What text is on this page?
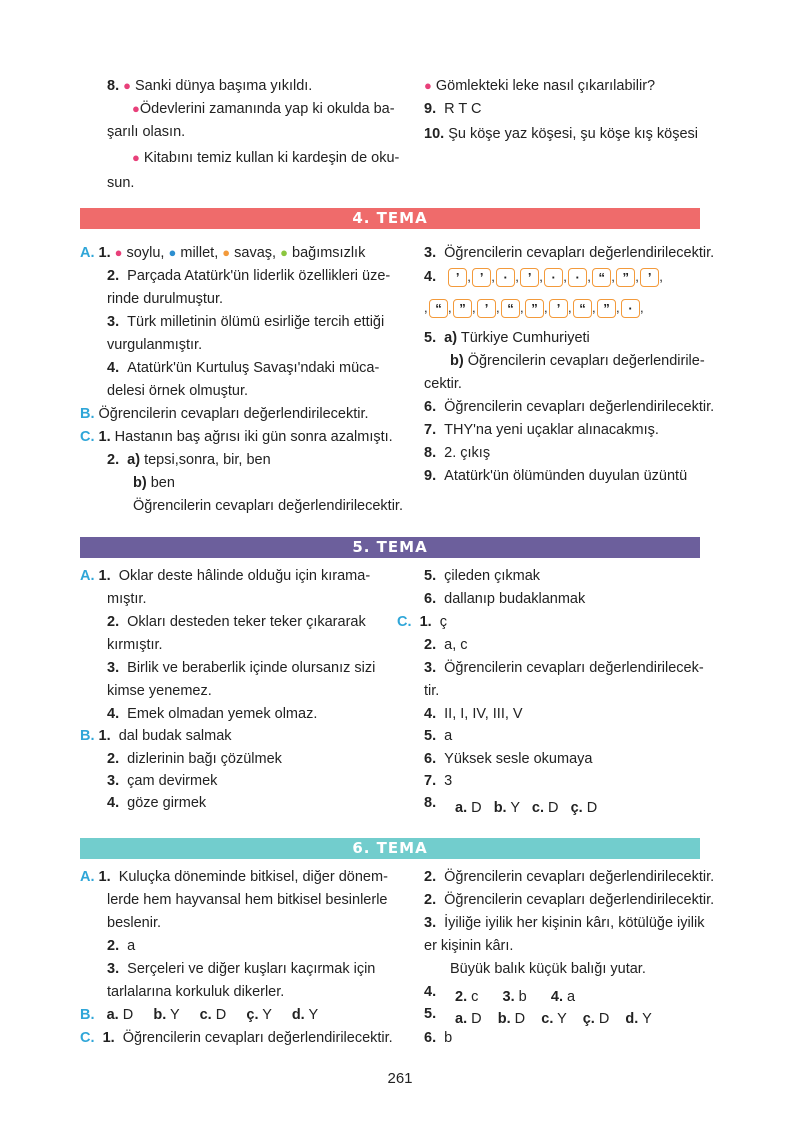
8. ● Sanki dünya başıma yıkıldı.
●Ödevlerini zamanında yap ki okulda ba-
şarılı olasın.
● Kitabını temiz kullan ki kardeşin de oku-
sun.
● Gömlekteki leke nasıl çıkarılabilir?
9. R T C
10. Şu köşe yaz köşesi, şu köşe kış köşesi
4. TEMA
A. 1. ● soylu, ● millet, ● savaş, ● bağımsızlık
2. Parçada Atatürk'ün liderlik özellikleri üze-
rinde durulmuştur.
3. Türk milletinin ölümü esirliğe tercih ettiği
vurgulanmıştır.
4. Atatürk'ün Kurtuluş Savaşı'ndaki müca-
delesi örnek olmuştur.
B. Öğrencilerin cevapları değerlendirilecektir.
C. 1. Hastanın baş ağrısı iki gün sonra azalmıştı.
2. a) tepsi,sonra, bir, ben
b) ben
Öğrencilerin cevapları değerlendirilecektir.
3. Öğrencilerin cevapları değerlendirilecektir.
4. ’ , ’ , · , ’ , · , · , “ , ” , ’ ,
, “ , ” , ’ , “ , ” , ’ , “ , ” , · ,
5. a) Türkiye Cumhuriyeti
b) Öğrencilerin cevapları değerlendirile-
cektir.
6. Öğrencilerin cevapları değerlendirilecektir.
7. THY'na yeni uçaklar alınacakmış.
8. 2. çıkış
9. Atatürk'ün ölümünden duyulan üzüntü
5. TEMA
A. 1. Oklar deste hâlinde olduğu için kırama-
mıştır.
2. Okları desteden teker teker çıkararak
kırmıştır.
3. Birlik ve beraberlik içinde olursanız sizi
kimse yenemez.
4. Emek olmadan yemek olmaz.
B. 1. dal budak salmak
2. dizlerinin bağı çözülmek
3. çam devirmek
4. göze girmek
5. çileden çıkmak
6. dallanıp budaklanmak
C. 1. ç
2. a, c
3. Öğrencilerin cevapları değerlendirilecek-
tir.
4. II, I, IV, III, V
5. a
6. Yüksek sesle okumaya
7. 3
8. a. D b. Y c. D ç. D
6. TEMA
A. 1. Kuluçka döneminde bitkisel, diğer dönem-
lerde hem hayvansal hem bitkisel besinlerle
beslenir.
2. a
3. Serçeleri ve diğer kuşları kaçırmak için
tarlalarına korkuluk dikerler.
B. a. D b. Y c. D ç. Y d. Y
C. 1. Öğrencilerin cevapları değerlendirilecektir.
2. Öğrencilerin cevapları değerlendirilecektir.
2. Öğrencilerin cevapları değerlendirilecektir.
3. İyiliğe iyilik her kişinin kârı, kötülüğe iyilik
er kişinin kârı.
Büyük balık küçük balığı yutar.
4. 2. c 3. b 4. a
5. a. D b. D c. Y ç. D d. Y
6. b
261
